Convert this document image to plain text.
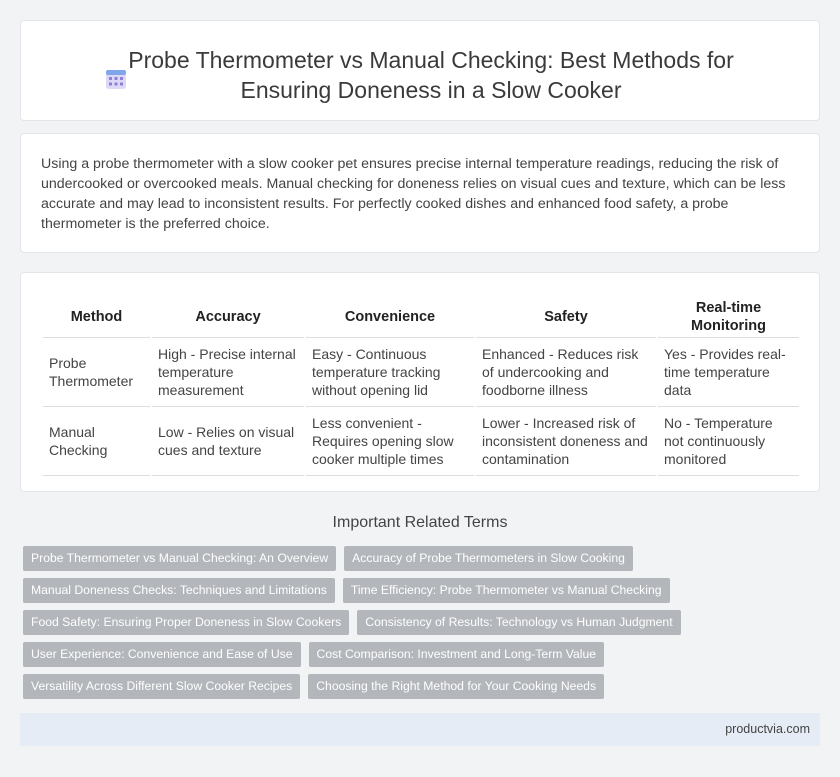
Probe Thermometer vs Manual Checking: Best Methods for Ensuring Doneness in a Slow Cooker

Using a probe thermometer with a slow cooker pet ensures precise internal temperature readings, reducing the risk of undercooked or overcooked meals. Manual checking for doneness relies on visual cues and texture, which can be less accurate and may lead to inconsistent results. For perfectly cooked dishes and enhanced food safety, a probe thermometer is the preferred choice.

Method	Accuracy	Convenience	Safety	Real-time Monitoring
Probe Thermometer	High - Precise internal temperature measurement	Easy - Continuous temperature tracking without opening lid	Enhanced - Reduces risk of undercooking and foodborne illness	Yes - Provides real-time temperature data
Manual Checking	Low - Relies on visual cues and texture	Less convenient - Requires opening slow cooker multiple times	Lower - Increased risk of inconsistent doneness and contamination	No - Temperature not continuously monitored
Important Related Terms
Probe Thermometer vs Manual Checking: An Overview	Accuracy of Probe Thermometers in Slow Cooking
Manual Doneness Checks: Techniques and Limitations	Time Efficiency: Probe Thermometer vs Manual Checking
Food Safety: Ensuring Proper Doneness in Slow Cookers	Consistency of Results: Technology vs Human Judgment
User Experience: Convenience and Ease of Use	Cost Comparison: Investment and Long-Term Value
Versatility Across Different Slow Cooker Recipes	Choosing the Right Method for Your Cooking Needs
productvia.com
